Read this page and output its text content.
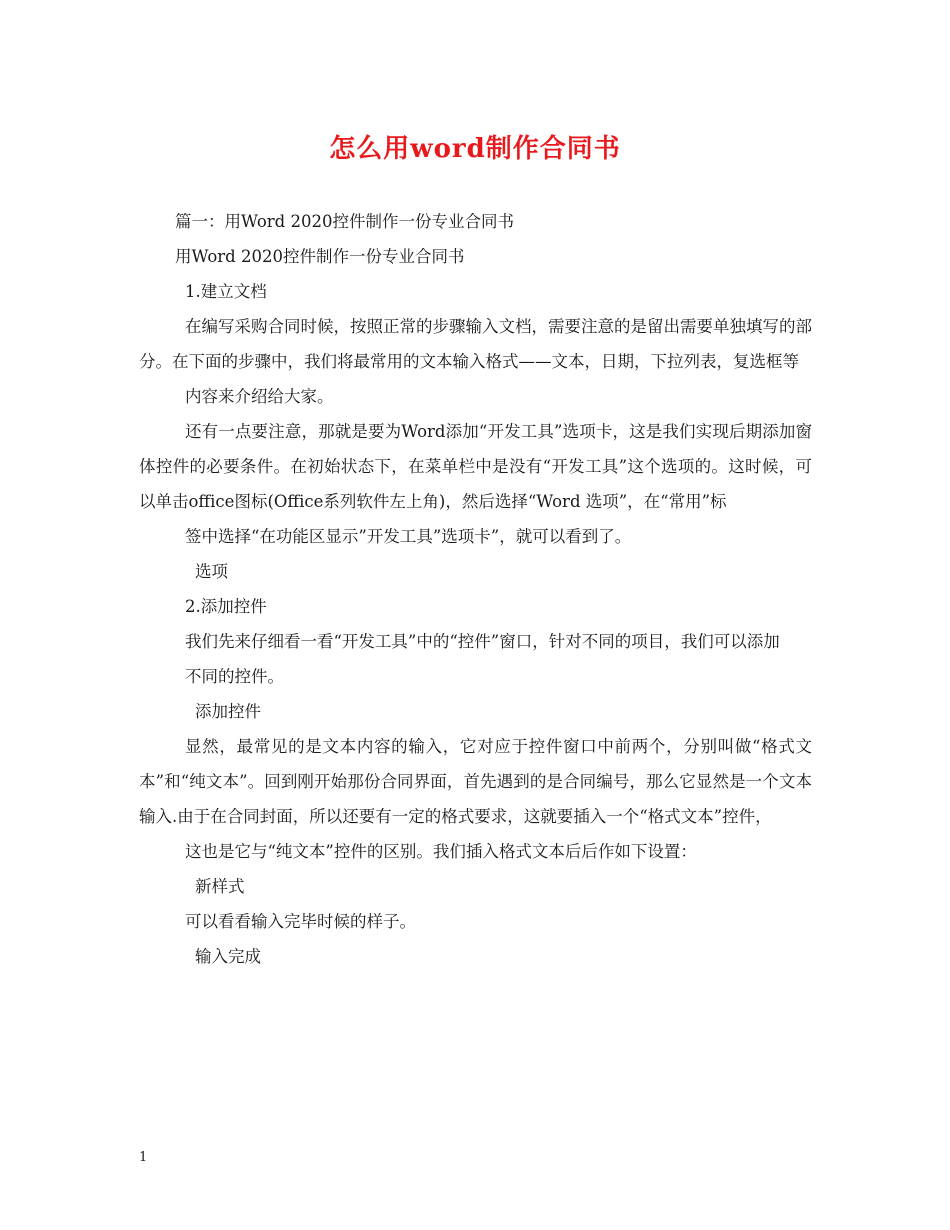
怎么用word制作合同书

篇一：用Word 2020控件制作一份专业合同书

用Word 2020控件制作一份专业合同书

1.建立文档

在编写采购合同时候，按照正常的步骤输入文档，需要注意的是留出需要单独填写的部分。在下面的步骤中，我们将最常用的文本输入格式——文本，日期，下拉列表，复选框等

内容来介绍给大家。

还有一点要注意，那就是要为Word添加“开发工具”选项卡，这是我们实现后期添加窗体控件的必要条件。在初始状态下，在菜单栏中是没有“开发工具”这个选项的。这时候，可以单击office图标(Office系列软件左上角)，然后选择“Word 选项”，在“常用”标

签中选择“在功能区显示”开发工具”选项卡”，就可以看到了。

选项

2.添加控件

我们先来仔细看一看“开发工具”中的“控件”窗口，针对不同的项目，我们可以添加

不同的控件。

添加控件

显然，最常见的是文本内容的输入，它对应于控件窗口中前两个，分别叫做“格式文本”和“纯文本”。回到刚开始那份合同界面，首先遇到的是合同编号，那么它显然是一个文本输入.由于在合同封面，所以还要有一定的格式要求，这就要插入一个“格式文本”控件，

这也是它与“纯文本”控件的区别。我们插入格式文本后后作如下设置：

新样式

可以看看输入完毕时候的样子。

输入完成

1
